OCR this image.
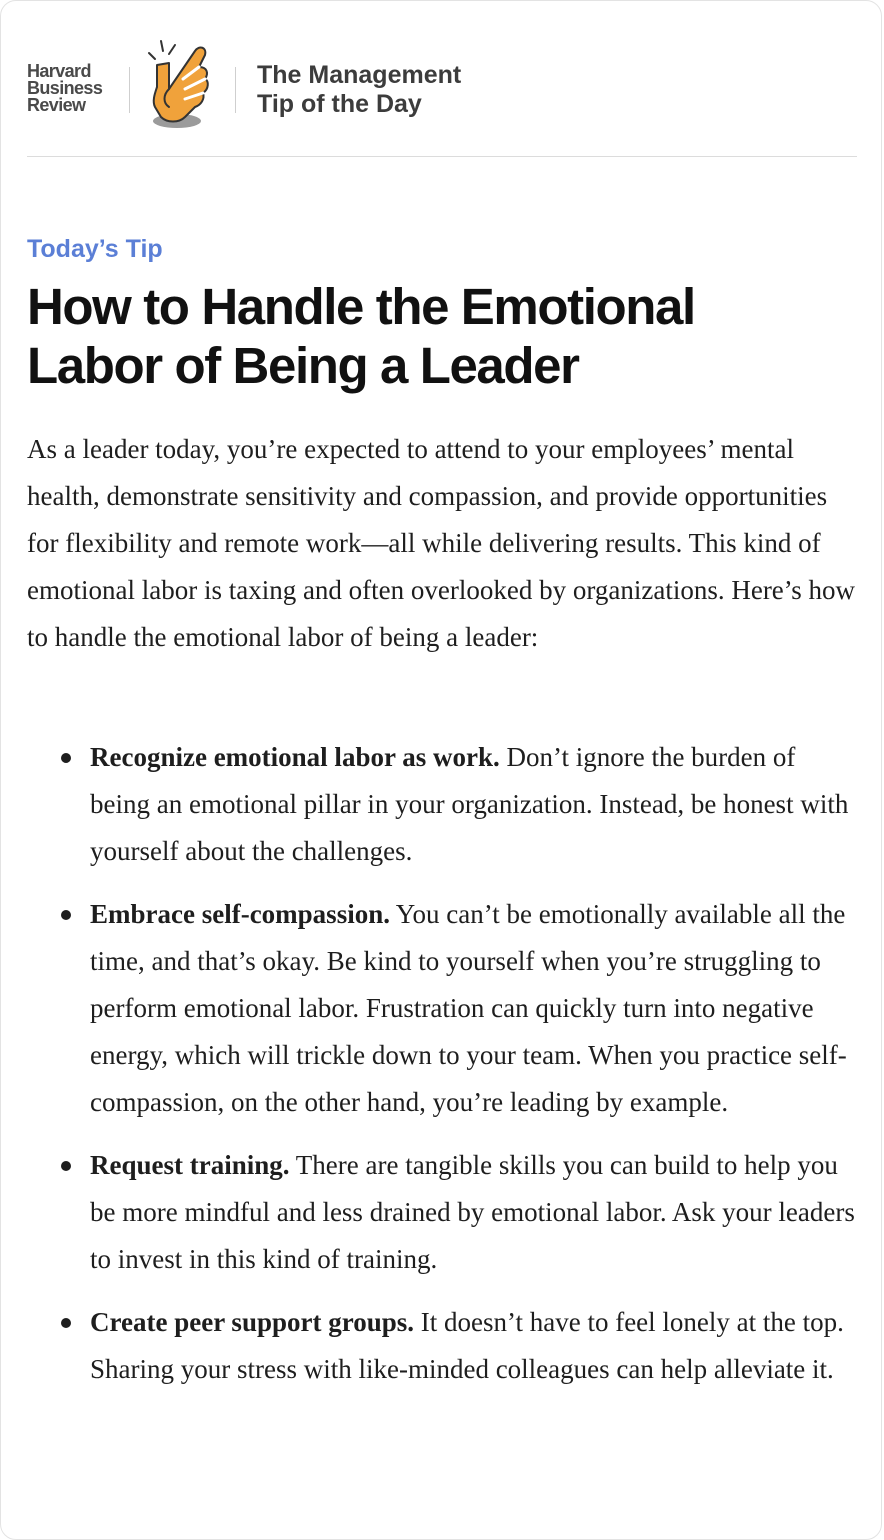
Harvard
Business
Review
The Management
Tip of the Day
Today’s Tip
How to Handle the Emotional
Labor of Being a Leader

As a leader today, you’re expected to attend to your employees’ mental health, demonstrate sensitivity and compassion, and provide opportunities for flexibility and remote work—all while delivering results. This kind of emotional labor is taxing and often overlooked by organizations. Here’s how to handle the emotional labor of being a leader:

Recognize emotional labor as work. Don’t ignore the burden of being an emotional pillar in your organization. Instead, be honest with yourself about the challenges.
Embrace self-compassion. You can’t be emotionally available all the time, and that’s okay. Be kind to yourself when you’re struggling to perform emotional labor. Frustration can quickly turn into negative energy, which will trickle down to your team. When you practice self-compassion, on the other hand, you’re leading by example.
Request training. There are tangible skills you can build to help you be more mindful and less drained by emotional labor. Ask your leaders to invest in this kind of training.
Create peer support groups. It doesn’t have to feel lonely at the top. Sharing your stress with like-minded colleagues can help alleviate it.
